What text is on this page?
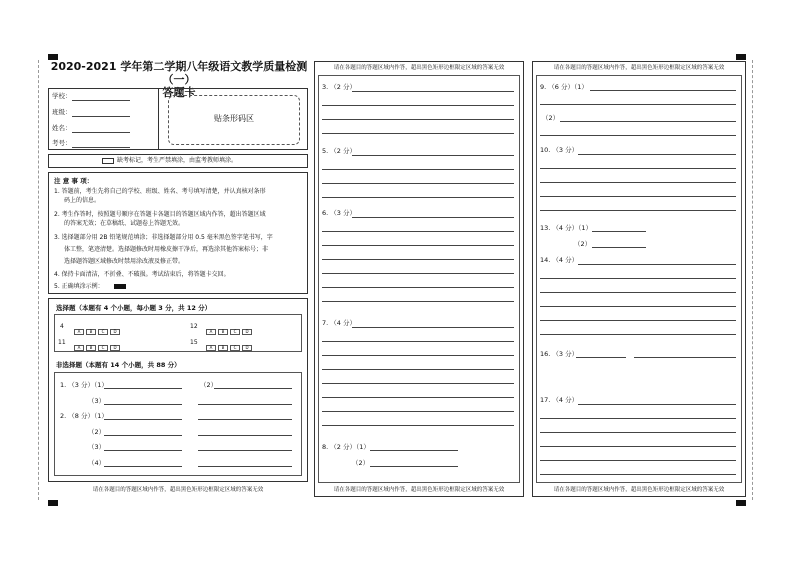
2020-2021 学年第二学期八年级语文教学质量检测（一）
答题卡
学校：
班级：
姓名：
考号：
贴条形码区
缺考标记，考生严禁填涂，由监考教师填涂。
注 意 事 项：
1. 答题前，考生先将自己的学校、班级、姓名、考号填写清楚，并认真核对条形
码上的信息。
2. 考生作答时，按照题号顺序在答题卡各题目的答题区域内作答，超出答题区域
的答案无效；在草稿纸、试题卷上答题无效。
3. 选择题部分用 2B 铅笔规范填涂；非选择题部分用 0.5 毫米黑色签字笔书写，字
体工整，笔迹清楚。选择题修改时用橡皮擦干净后，再选涂其他答案标号；非
选择题答题区域修改时禁用涂改液及修正带。
4. 保持卡面清洁，不折叠、不破损。考试结束后，将答题卡交回。
5. 正确填涂示例：
选择题（本题有 4 个小题，每小题 3 分，共 12 分）
4
A B C D
11
A B C D
12
A B C D
15
A B C D
非选择题（本题有 14 个小题，共 88 分）
1. （3 分）（1）	（2）
（3）
2. （8 分）（1）
（2）
（3）
（4）
请在各题目的答题区域内作答，超出黑色矩形边框限定区域的答案无效
请在各题目的答题区域内作答，超出黑色矩形边框限定区域的答案无效
3. （2 分）
5. （2 分）
6. （3 分）
7. （4 分）
8. （2 分）（1）
（2）
请在各题目的答题区域内作答，超出黑色矩形边框限定区域的答案无效
请在各题目的答题区域内作答，超出黑色矩形边框限定区域的答案无效
9. （6 分）（1）
（2）
10. （3 分）
13. （4 分）（1）
（2）
14. （4 分）
16. （3 分）
17. （4 分）
请在各题目的答题区域内作答，超出黑色矩形边框限定区域的答案无效
